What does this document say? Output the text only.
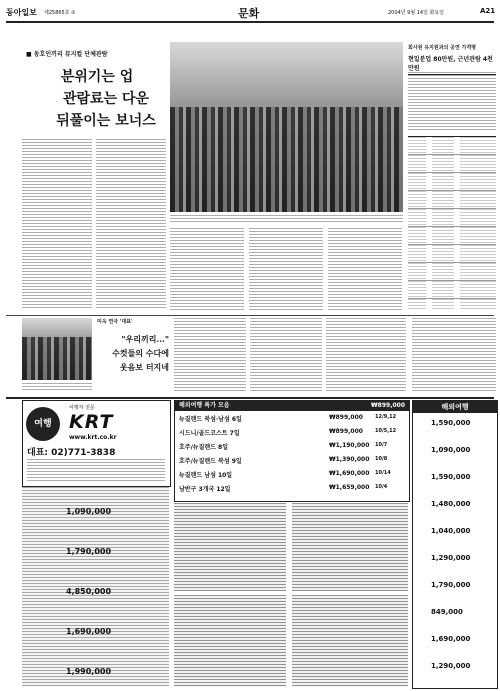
동아일보 제25865호 ②	문화	2004년 9월 14일 화요일	A21
■ 동호인끼리 뮤지컬 단체관람
분위기는 업
관람료는 다운
뒤풀이는 보너스
회사원 유지원과의 공연 가격명
현일분업 80만원, 근년관람 4천만원
미옥 연극 '대표'
"우리끼리..."
수컷들의 수다에
웃음보 터지네
여행
여행자 전문
KRT
www.krt.co.kr
대표: 02)771-3838
1,090,000
1,790,000
4,850,000
1,690,000
1,990,000
해외여행 특가 모음	₩899,000
뉴질랜드 북섬·남섬 6일	₩899,000 12/9,12
시드니/골드코스트 7일	₩899,000 10/5,12
호주/뉴질랜드 8일	₩1,190,000 10/7
호주/뉴질랜드 북섬 9일	₩1,390,000 10/8
뉴질랜드 남섬 10일	₩1,690,000 10/14
남반구 3개국 12일	₩1,659,000 10/4
해외여행
1,590,000
1,090,000
1,590,000
1,480,000
1,040,000
1,290,000
1,790,000
849,000
1,690,000
1,290,000
